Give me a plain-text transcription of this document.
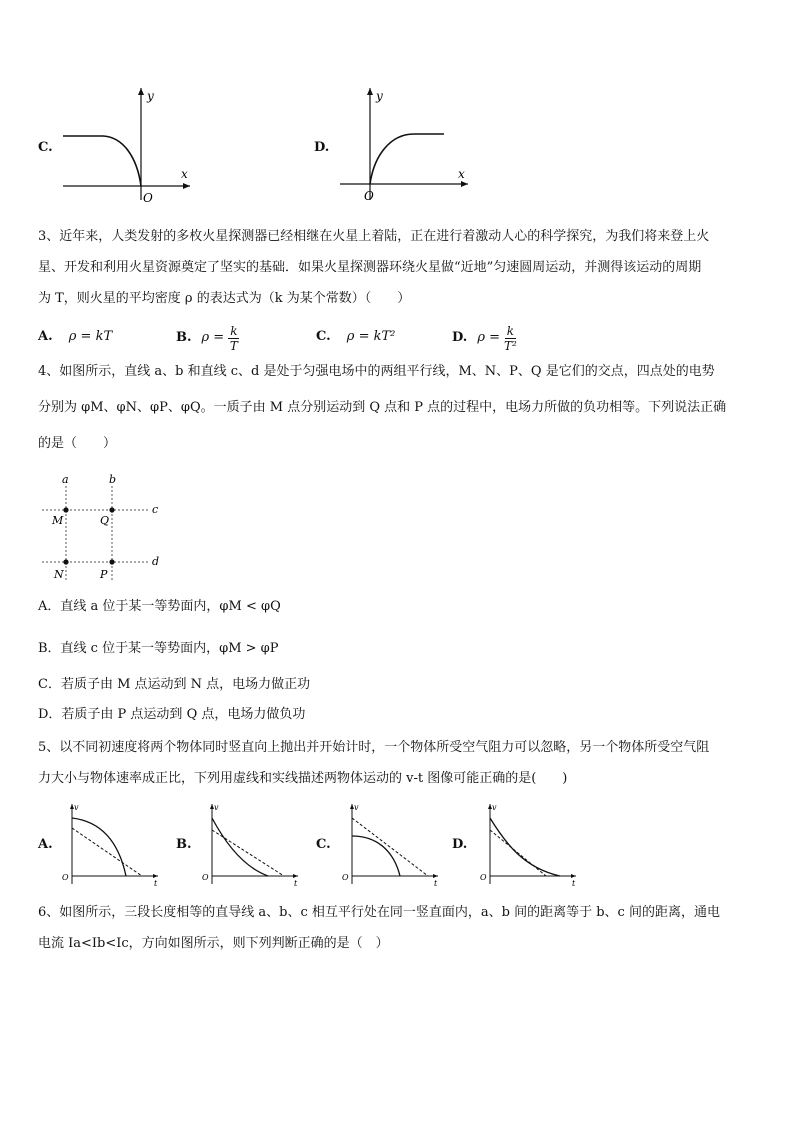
C.
y
x
O
D.
y
x
O
3、近年来，人类发射的多枚火星探测器已经相继在火星上着陆，正在进行着激动人心的科学探究，为我们将来登上火
星、开发和利用火星资源奠定了坚实的基础．如果火星探测器环绕火星做“近地”匀速圆周运动，并测得该运动的周期
为 T，则火星的平均密度 ρ 的表达式为（k 为某个常数）（　　）
A. ρ = kT	B. $\rho = \frac{k}{T}$	C. ρ = kT²	D. $\rho = \frac{k}{\text{T²}}$
4、如图所示，直线 a、b 和直线 c、d 是处于匀强电场中的两组平行线，M、N、P、Q 是它们的交点，四点处的电势
分别为 φM、φN、φP、φQ。一质子由 M 点分别运动到 Q 点和 P 点的过程中，电场力所做的负功相等。下列说法正确
的是（　　）
a	b
c
d
M	Q
N	P
A．直线 a 位于某一等势面内，φM < φQ
B．直线 c 位于某一等势面内，φM > φP
C．若质子由 M 点运动到 N 点，电场力做正功
D．若质子由 P 点运动到 Q 点，电场力做负功
5、以不同初速度将两个物体同时竖直向上抛出并开始计时，一个物体所受空气阻力可以忽略，另一个物体所受空气阻
力大小与物体速率成正比，下列用虚线和实线描述两物体运动的 v-t 图像可能正确的是(　　)
A.
v
t
O
B.
v
t
O
C.
v
t
O
D.
v
t
O
6、如图所示，三段长度相等的直导线 a、b、c 相互平行处在同一竖直面内，a、b 间的距离等于 b、c 间的距离，通电
电流 Ia<Ib<Ic，方向如图所示，则下列判断正确的是（　）
